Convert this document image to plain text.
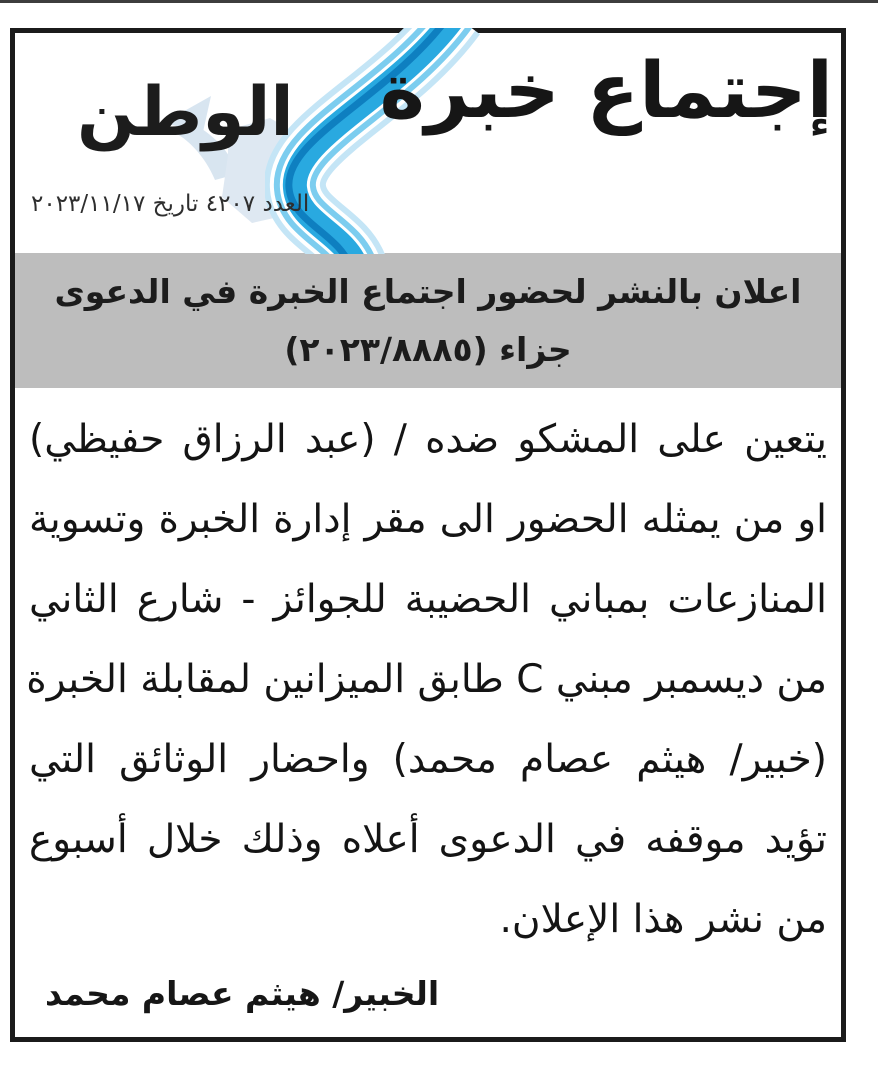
إجتماع خبرة
الوطن
العدد ٤٢٠٧ تاريخ ٢٠٢٣/١١/١٧
اعلان بالنشر لحضور اجتماع الخبرة في الدعوى
جزاء (٢٠٢٣/٨٨٨٥)
يتعين على المشكو ضده / (عبد الرزاق حفيظي)
او من يمثله الحضور الى مقر إدارة الخبرة وتسوية
المنازعات بمباني الحضيبة للجوائز - شارع الثاني
من ديسمبر مبني C طابق الميزانين لمقابلة الخبرة
(خبير/ هيثم عصام محمد) واحضار الوثائق التي
تؤيد موقفه في الدعوى أعلاه وذلك خلال أسبوع
من نشر هذا الإعلان.
الخبير/ هيثم عصام محمد
